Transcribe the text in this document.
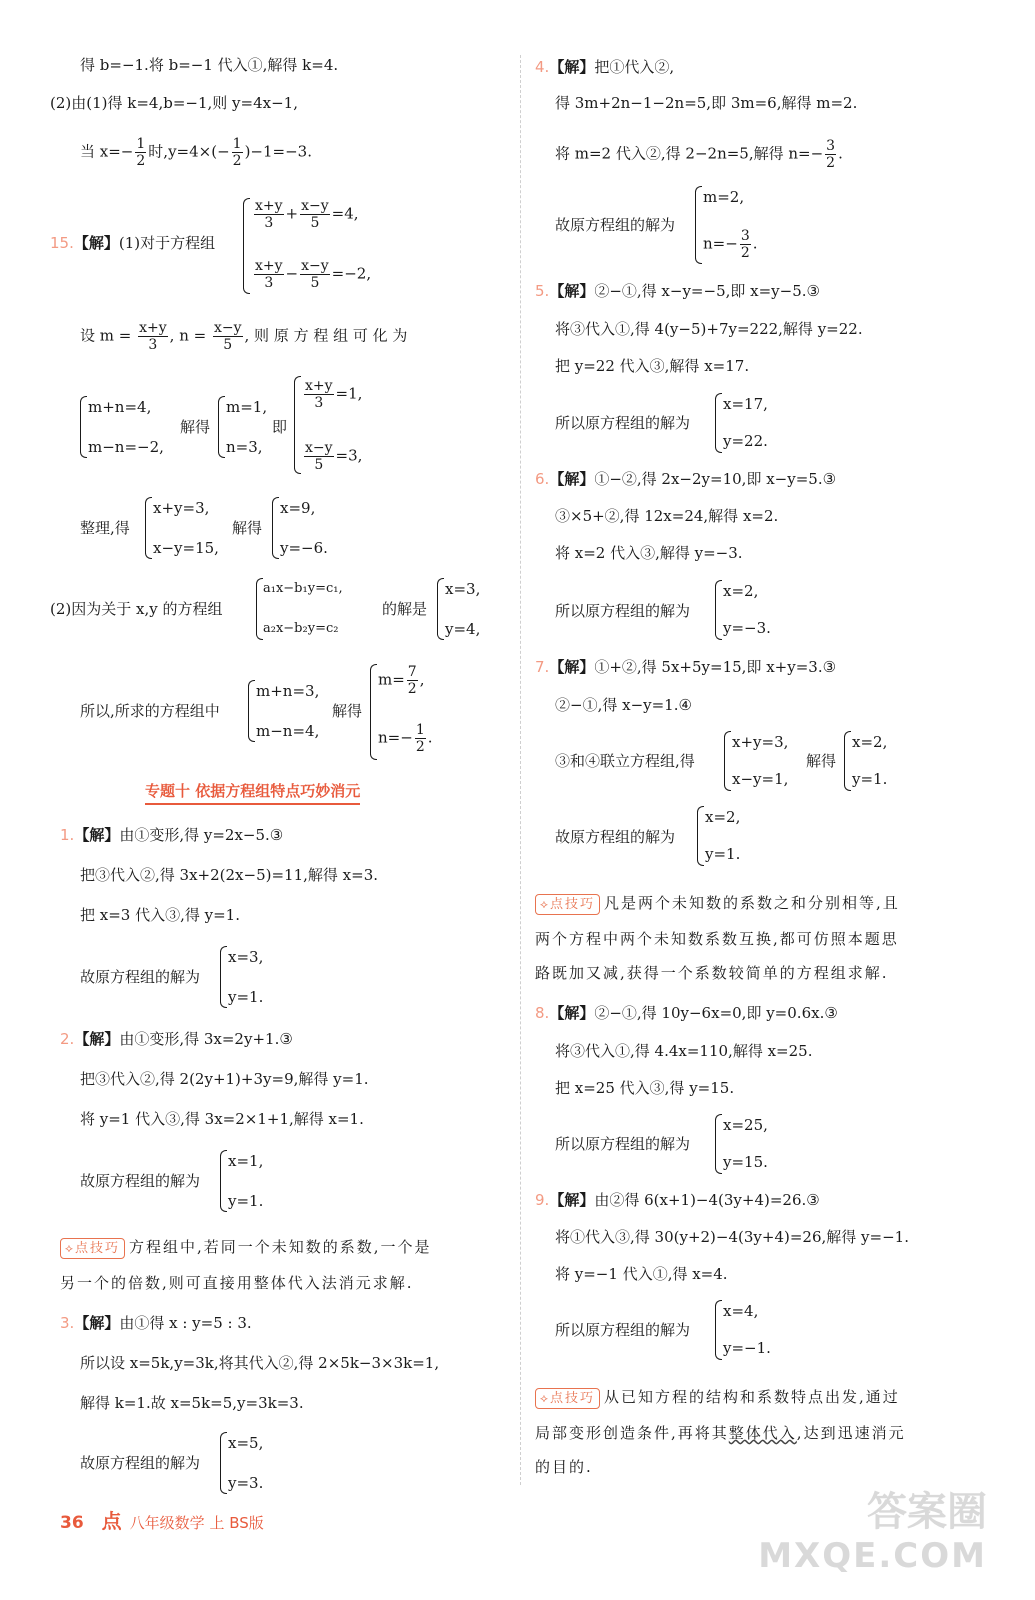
得 b=−1.将 b=−1 代入①,解得 k=4.
(2)由(1)得 k=4,b=−1,则 y=4x−1,
当 $x=- \frac{1}{2}$ 时$,y=4\times(- \frac{1}{2} )-1=-3$.
15.【解】(1)对于方程组
$\frac{x+y}{3} + \frac{x-y}{5} =4$,
$\frac{x+y}{3} - \frac{x-y}{5} =-2$,
设 $m = \frac{x+y}{3}$ , $n = \frac{x-y}{5}$ , 则 原 方 程 组 可 化 为
m+n=4,
m−n=−2,
解得
m=1,
n=3,
即
$\frac{x+y}{3} =1$,
$\frac{x-y}{5} =3$,
整理,得
x+y=3,
x−y=15,
解得
x=9,
y=−6.
(2)因为关于 x,y 的方程组
a₁x−b₁y=c₁,
a₂x−b₂y=c₂
的解是
x=3,
y=4,
所以,所求的方程组中
m+n=3,
m−n=4,
解得
$m= \frac{7}{2}$ ,
$n=- \frac{1}{2}$ .
专题十 依据方程组特点巧妙消元
1.【解】由①变形,得 y=2x−5.③
把③代入②,得 3x+2(2x−5)=11,解得 x=3.
把 x=3 代入③,得 y=1.
故原方程组的解为
x=3,
y=1.
2.【解】由①变形,得 3x=2y+1.③
把③代入②,得 2(2y+1)+3y=9,解得 y=1.
将 y=1 代入③,得 3x=2×1+1,解得 x=1.
故原方程组的解为
x=1,
y=1.
⟡点技巧 方程组中,若同一个未知数的系数,一个是
另一个的倍数,则可直接用整体代入法消元求解.
3.【解】由①得 x : y=5 : 3.
所以设 x=5k,y=3k,将其代入②,得 2×5k−3×3k=1,
解得 k=1.故 x=5k=5,y=3k=3.
故原方程组的解为
x=5,
y=3.
4.【解】把①代入②,
得 3m+2n−1−2n=5,即 3m=6,解得 m=2.
将 m=2 代入②,得 2−2n=5,解得 $n=- \frac{3}{2}$ .
故原方程组的解为
m=2,
$n=- \frac{3}{2}$ .
5.【解】②−①,得 x−y=−5,即 x=y−5.③
将③代入①,得 4(y−5)+7y=222,解得 y=22.
把 y=22 代入③,解得 x=17.
所以原方程组的解为
x=17,
y=22.
6.【解】①−②,得 2x−2y=10,即 x−y=5.③
③×5+②,得 12x=24,解得 x=2.
将 x=2 代入③,解得 y=−3.
所以原方程组的解为
x=2,
y=−3.
7.【解】①+②,得 5x+5y=15,即 x+y=3.③
②−①,得 x−y=1.④
③和④联立方程组,得
x+y=3,
x−y=1,
解得
x=2,
y=1.
故原方程组的解为
x=2,
y=1.
⟡点技巧 凡是两个未知数的系数之和分别相等,且
两个方程中两个未知数系数互换,都可仿照本题思
路既加又减,获得一个系数较简单的方程组求解.
8.【解】②−①,得 10y−6x=0,即 y=0.6x.③
将③代入①,得 4.4x=110,解得 x=25.
把 x=25 代入③,得 y=15.
所以原方程组的解为
x=25,
y=15.
9.【解】由②得 6(x+1)−4(3y+4)=26.③
将①代入③,得 30(y+2)−4(3y+4)=26,解得 y=−1.
将 y=−1 代入①,得 x=4.
所以原方程组的解为
x=4,
y=−1.
⟡点技巧 从已知方程的结构和系数特点出发,通过
局部变形创造条件,再将其整体代入,达到迅速消元
的目的.
36 点 八年级数学 上 BS版	答案圈
MXQE.COM
